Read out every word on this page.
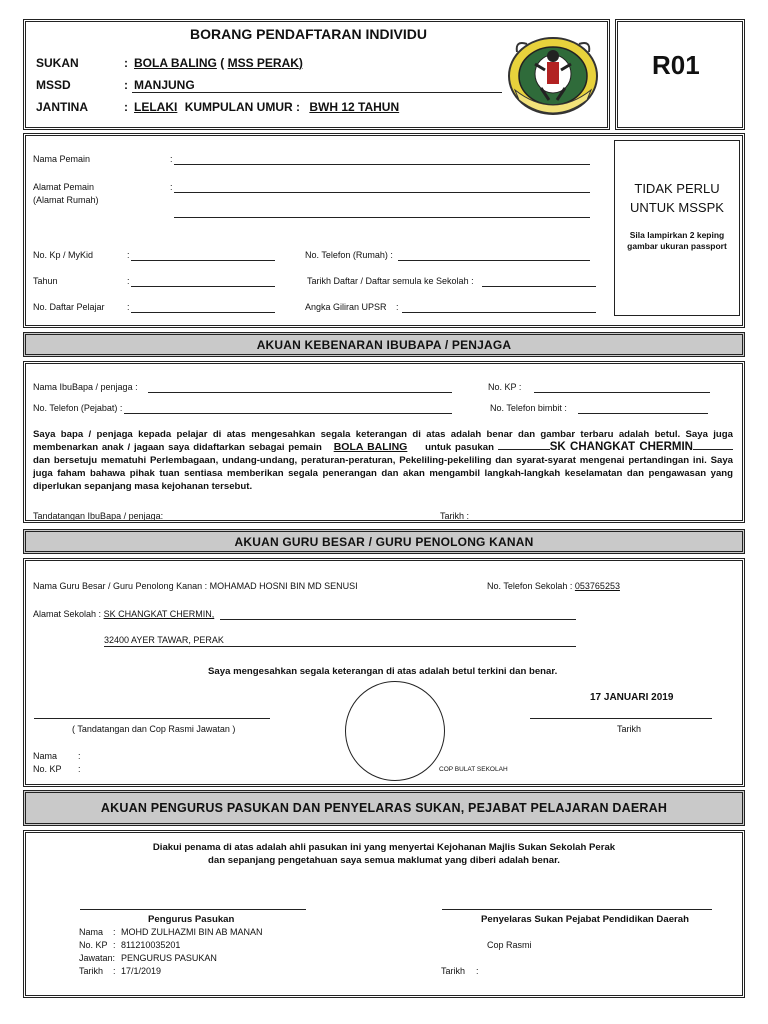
BORANG PENDAFTARAN INDIVIDU
SUKAN	: BOLA BALING ( MSS PERAK)
MSSD	: MANJUNG
JANTINA	: LELAKI KUMPULAN UMUR : BWH 12 TAHUN
R01
TIDAK PERLU
UNTUK MSSPK
Sila lampirkan 2 keping
gambar ukuran passport
Nama Pemain	:
Alamat Pemain
(Alamat Rumah)
:
No. Kp / MyKid	:	No. Telefon (Rumah) :
Tahun	:	Tarikh Daftar / Daftar semula ke Sekolah :
No. Daftar Pelajar :	Angka Giliran UPSR :
AKUAN KEBENARAN IBUBAPA / PENJAGA
Nama IbuBapa / penjaga :	No. KP :
No. Telefon (Pejabat) :	No. Telefon bimbit :
Saya bapa / penjaga kepada pelajar di atas mengesahkan segala keterangan di atas adalah benar dan gambar terbaru adalah betul. Saya juga membenarkan anak / jagaan saya didaftarkan sebagai pemain BOLA BALING untuk pasukan	SK CHANGKAT CHERMIN dan bersetuju mematuhi Perlembagaan, undang-undang, peraturan-peraturan, Pekeliling-pekeliling dan syarat-syarat mengenai pertandingan ini. Saya juga faham bahawa pihak tuan sentiasa memberikan segala penerangan dan akan mengambil langkah-langkah keselamatan dan pengawasan yang diperlukan sepanjang masa kejohanan tersebut.
Tandatangan IbuBapa / penjaga:	Tarikh :
AKUAN GURU BESAR / GURU PENOLONG KANAN
Nama Guru Besar / Guru Penolong Kanan : MOHAMAD HOSNI BIN MD SENUSI	No. Telefon Sekolah : 053765253
Alamat Sekolah : SK CHANGKAT CHERMIN,
32400 AYER TAWAR, PERAK
Saya mengesahkan segala keterangan di atas adalah betul terkini dan benar.
17 JANUARI 2019
( Tandatangan dan Cop Rasmi Jawatan )	Tarikh
COP BULAT SEKOLAH
Nama :
No. KP :
AKUAN PENGURUS PASUKAN DAN PENYELARAS SUKAN, PEJABAT PELAJARAN DAERAH
Diakui penama di atas adalah ahli pasukan ini yang menyertai Kejohanan Majlis Sukan Sekolah Perak
dan sepanjang pengetahuan saya semua maklumat yang diberi adalah benar.
Pengurus Pasukan
Nama : MOHD ZULHAZMI BIN AB MANAN
No. KP : 811210035201
Jawatan: PENGURUS PASUKAN
Tarikh : 17/1/2019
Penyelaras Sukan Pejabat Pendidikan Daerah
Cop Rasmi
Tarikh :
